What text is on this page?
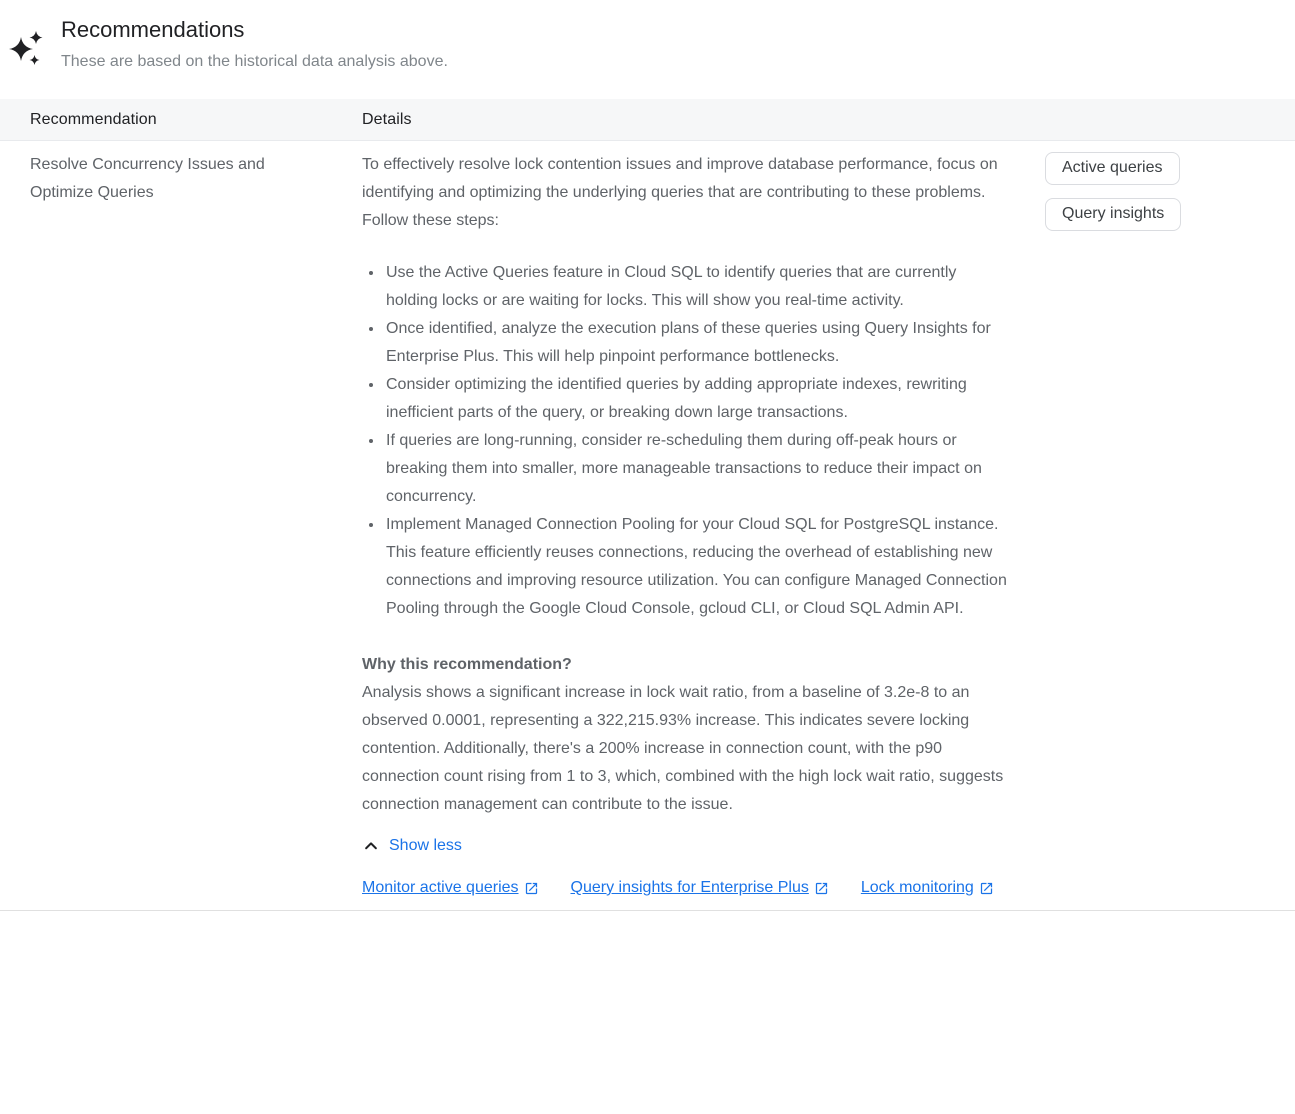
Recommendations
These are based on the historical data analysis above.
Recommendation	Details
Resolve Concurrency Issues and Optimize Queries

To effectively resolve lock contention issues and improve database performance, focus on identifying and optimizing the underlying queries that are contributing to these problems. Follow these steps:

• Use the Active Queries feature in Cloud SQL to identify queries that are currently holding locks or are waiting for locks. This will show you real-time activity.
• Once identified, analyze the execution plans of these queries using Query Insights for Enterprise Plus. This will help pinpoint performance bottlenecks.
• Consider optimizing the identified queries by adding appropriate indexes, rewriting inefficient parts of the query, or breaking down large transactions.
• If queries are long-running, consider re-scheduling them during off-peak hours or breaking them into smaller, more manageable transactions to reduce their impact on concurrency.
• Implement Managed Connection Pooling for your Cloud SQL for PostgreSQL instance. This feature efficiently reuses connections, reducing the overhead of establishing new connections and improving resource utilization. You can configure Managed Connection Pooling through the Google Cloud Console, gcloud CLI, or Cloud SQL Admin API.

Why this recommendation?

Analysis shows a significant increase in lock wait ratio, from a baseline of 3.2e-8 to an observed 0.0001, representing a 322,215.93% increase. This indicates severe locking contention. Additionally, there's a 200% increase in connection count, with the p90 connection count rising from 1 to 3, which, combined with the high lock wait ratio, suggests connection management can contribute to the issue.

Show less
Monitor active queries	Query insights for Enterprise Plus	Lock monitoring
Active queries
Query insights
